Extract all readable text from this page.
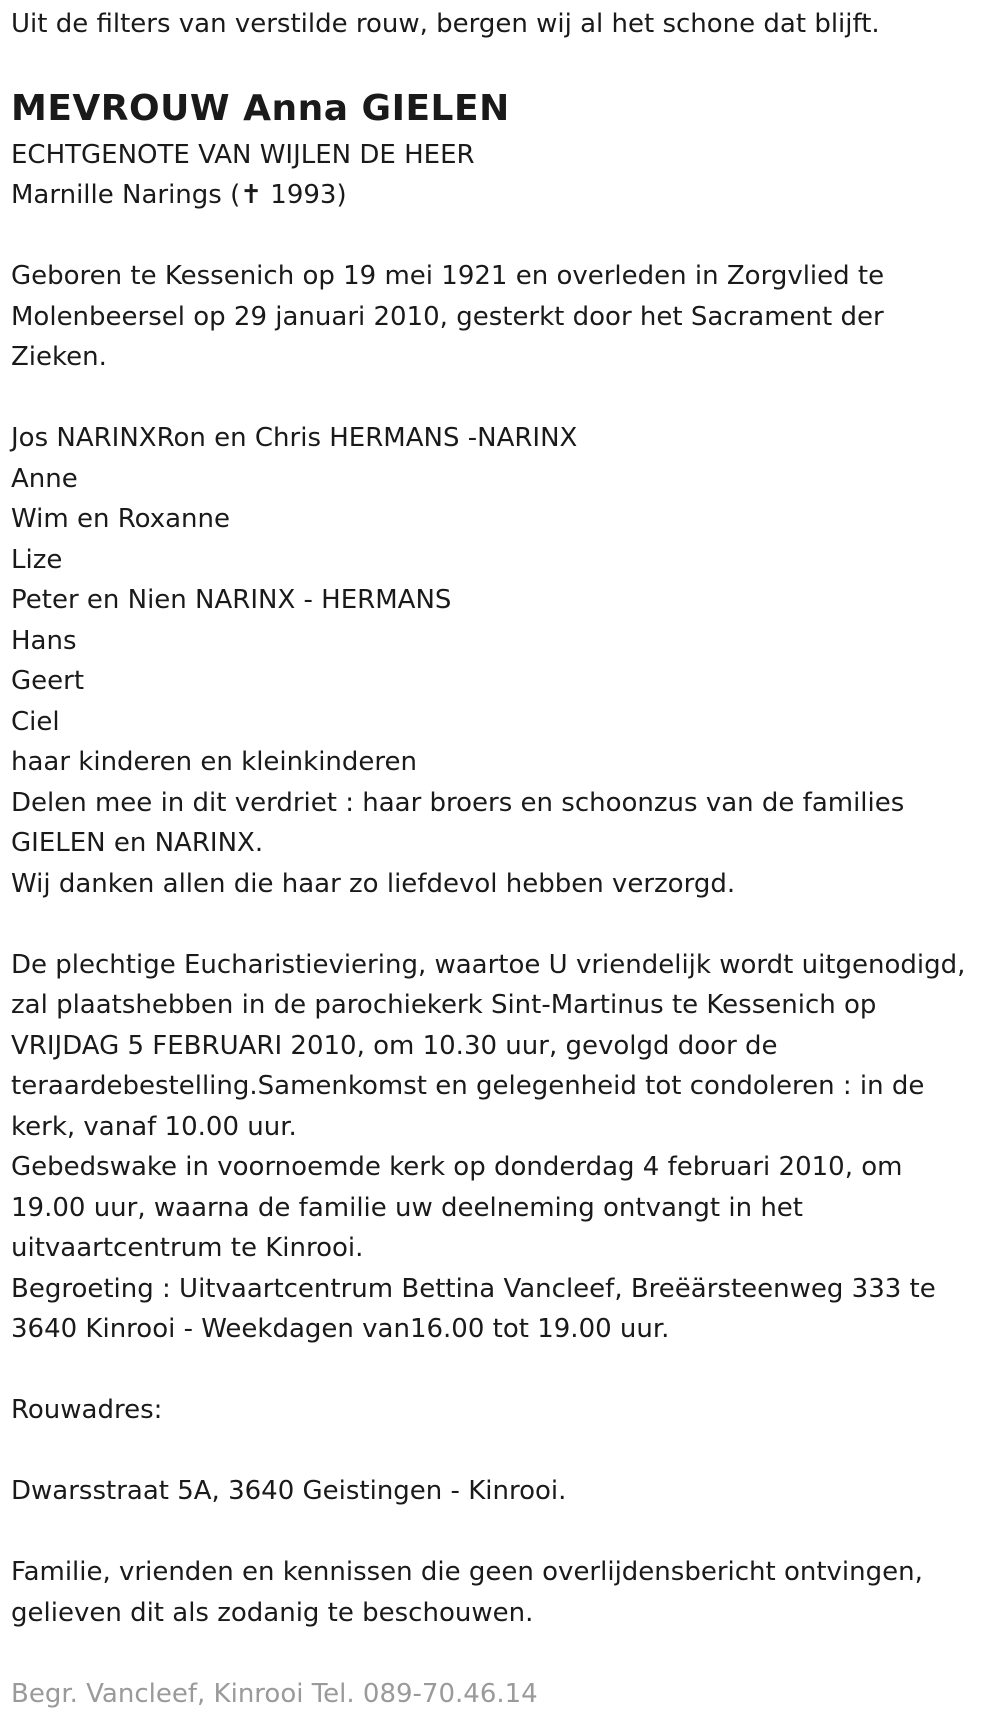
Uit de filters van verstilde rouw, bergen wij al het schone dat blijft.
MEVROUW Anna GIELEN
ECHTGENOTE VAN WIJLEN DE HEER
Marnille Narings (✝ 1993)
Geboren te Kessenich op 19 mei 1921 en overleden in Zorgvlied te
Molenbeersel op 29 januari 2010, gesterkt door het Sacrament der
Zieken.
Jos NARINXRon en Chris HERMANS -NARINX
Anne
Wim en Roxanne
Lize
Peter en Nien NARINX - HERMANS
Hans
Geert
Ciel
haar kinderen en kleinkinderen
Delen mee in dit verdriet : haar broers en schoonzus van de families
GIELEN en NARINX.
Wij danken allen die haar zo liefdevol hebben verzorgd.
De plechtige Eucharistieviering, waartoe U vriendelijk wordt uitgenodigd,
zal plaatshebben in de parochiekerk Sint-Martinus te Kessenich op
VRIJDAG 5 FEBRUARI 2010, om 10.30 uur, gevolgd door de
teraardebestelling.Samenkomst en gelegenheid tot condoleren : in de
kerk, vanaf 10.00 uur.
Gebedswake in voornoemde kerk op donderdag 4 februari 2010, om
19.00 uur, waarna de familie uw deelneming ontvangt in het
uitvaartcentrum te Kinrooi.
Begroeting : Uitvaartcentrum Bettina Vancleef, Breëärsteenweg 333 te
3640 Kinrooi - Weekdagen van16.00 tot 19.00 uur.
Rouwadres:
Dwarsstraat 5A, 3640 Geistingen - Kinrooi.
Familie, vrienden en kennissen die geen overlijdensbericht ontvingen,
gelieven dit als zodanig te beschouwen.
Begr. Vancleef, Kinrooi Tel. 089-70.46.14
